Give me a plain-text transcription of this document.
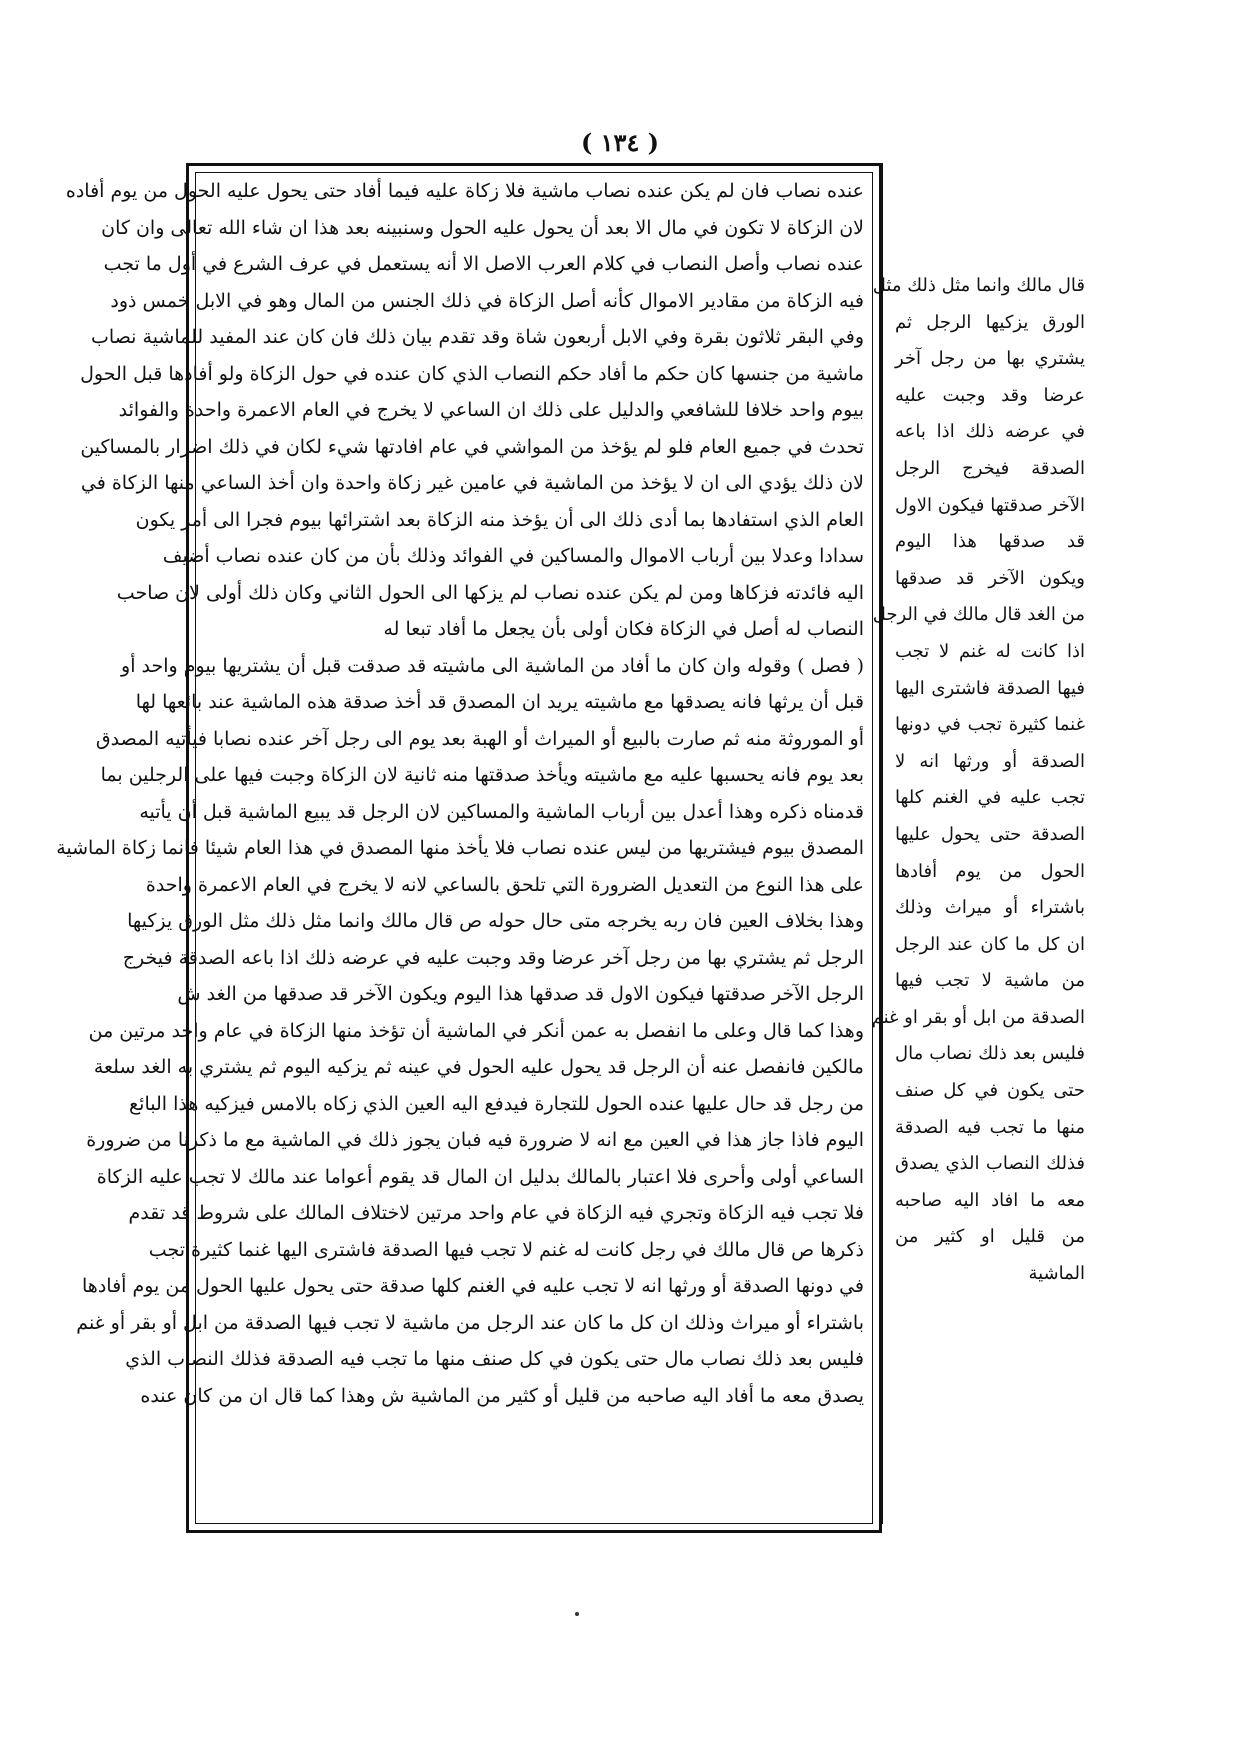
( ١٣٤ )
عنده نصاب فان لم يكن عنده نصاب ماشية فلا زكاة عليه فيما أفاد حتى يحول عليه الحول من يوم أفاده
لان الزكاة لا تكون في مال الا بعد أن يحول عليه الحول وسنبينه بعد هذا ان شاء الله تعالى وان كان
عنده نصاب وأصل النصاب في كلام العرب الاصل الا أنه يستعمل في عرف الشرع في أول ما تجب
فيه الزكاة من مقادير الاموال كأنه أصل الزكاة في ذلك الجنس من المال وهو في الابل خمس ذود
وفي البقر ثلاثون بقرة وفي الابل أربعون شاة وقد تقدم بيان ذلك فان كان عند المفيد للماشية نصاب
ماشية من جنسها كان حكم ما أفاد حكم النصاب الذي كان عنده في حول الزكاة ولو أفادها قبل الحول
بيوم واحد خلافا للشافعي والدليل على ذلك ان الساعي لا يخرج في العام الاعمرة واحدة والفوائد
تحدث في جميع العام فلو لم يؤخذ من المواشي في عام افادتها شيء لكان في ذلك اضرار بالمساكين
لان ذلك يؤدي الى ان لا يؤخذ من الماشية في عامين غير زكاة واحدة وان أخذ الساعي منها الزكاة في
العام الذي استفادها بما أدى ذلك الى أن يؤخذ منه الزكاة بعد اشترائها بيوم فجرا الى أمر يكون
سدادا وعدلا بين أرباب الاموال والمساكين في الفوائد وذلك بأن من كان عنده نصاب أضيف
اليه فائدته فزكاها ومن لم يكن عنده نصاب لم يزكها الى الحول الثاني وكان ذلك أولى لان صاحب
النصاب له أصل في الزكاة فكان أولى بأن يجعل ما أفاد تبعا له
( فصل ) وقوله وان كان ما أفاد من الماشية الى ماشيته قد صدقت قبل أن يشتريها بيوم واحد أو
قبل أن يرثها فانه يصدقها مع ماشيته يريد ان المصدق قد أخذ صدقة هذه الماشية عند بائعها لها
أو الموروثة منه ثم صارت بالبيع أو الميراث أو الهبة بعد يوم الى رجل آخر عنده نصابا فيأتيه المصدق
بعد يوم فانه يحسبها عليه مع ماشيته ويأخذ صدقتها منه ثانية لان الزكاة وجبت فيها على الرجلين بما
قدمناه ذكره وهذا أعدل بين أرباب الماشية والمساكين لان الرجل قد يبيع الماشية قبل أن يأتيه
المصدق بيوم فيشتريها من ليس عنده نصاب فلا يأخذ منها المصدق في هذا العام شيئا فانما زكاة الماشية
على هذا النوع من التعديل الضرورة التي تلحق بالساعي لانه لا يخرج في العام الاعمرة واحدة
وهذا بخلاف العين فان ربه يخرجه متى حال حوله ص قال مالك وانما مثل ذلك مثل الورق يزكيها
الرجل ثم يشتري بها من رجل آخر عرضا وقد وجبت عليه في عرضه ذلك اذا باعه الصدقة فيخرج
الرجل الآخر صدقتها فيكون الاول قد صدقها هذا اليوم ويكون الآخر قد صدقها من الغد ش
وهذا كما قال وعلى ما انفصل به عمن أنكر في الماشية أن تؤخذ منها الزكاة في عام واحد مرتين من
مالكين فانفصل عنه أن الرجل قد يحول عليه الحول في عينه ثم يزكيه اليوم ثم يشتري به الغد سلعة
من رجل قد حال عليها عنده الحول للتجارة فيدفع اليه العين الذي زكاه بالامس فيزكيه هذا البائع
اليوم فاذا جاز هذا في العين مع انه لا ضرورة فيه فبان يجوز ذلك في الماشية مع ما ذكرنا من ضرورة
الساعي أولى وأحرى فلا اعتبار بالمالك بدليل ان المال قد يقوم أعواما عند مالك لا تجب عليه الزكاة
فلا تجب فيه الزكاة وتجري فيه الزكاة في عام واحد مرتين لاختلاف المالك على شروط قد تقدم
ذكرها ص قال مالك في رجل كانت له غنم لا تجب فيها الصدقة فاشترى اليها غنما كثيرة تجب
في دونها الصدقة أو ورثها انه لا تجب عليه في الغنم كلها صدقة حتى يحول عليها الحول من يوم أفادها
باشتراء أو ميراث وذلك ان كل ما كان عند الرجل من ماشية لا تجب فيها الصدقة من ابل أو بقر أو غنم
فليس بعد ذلك نصاب مال حتى يكون في كل صنف منها ما تجب فيه الصدقة فذلك النصاب الذي
يصدق معه ما أفاد اليه صاحبه من قليل أو كثير من الماشية ش وهذا كما قال ان من كان عنده
قال مالك وانما مثل ذلك مثل
الورق يزكيها الرجل ثم
يشتري بها من رجل آخر
عرضا وقد وجبت عليه
في عرضه ذلك اذا باعه
الصدقة فيخرج الرجل
الآخر صدقتها فيكون الاول
قد صدقها هذا اليوم
ويكون الآخر قد صدقها
من الغد قال مالك في الرجل
اذا كانت له غنم لا تجب
فيها الصدقة فاشترى اليها
غنما كثيرة تجب في دونها
الصدقة أو ورثها انه لا
تجب عليه في الغنم كلها
الصدقة حتى يحول عليها
الحول من يوم أفادها
باشتراء أو ميراث وذلك
ان كل ما كان عند الرجل
من ماشية لا تجب فيها
الصدقة من ابل أو بقر او غنم
فليس بعد ذلك نصاب مال
حتى يكون في كل صنف
منها ما تجب فيه الصدقة
فذلك النصاب الذي يصدق
معه ما افاد اليه صاحبه
من قليل او كثير من
الماشية
